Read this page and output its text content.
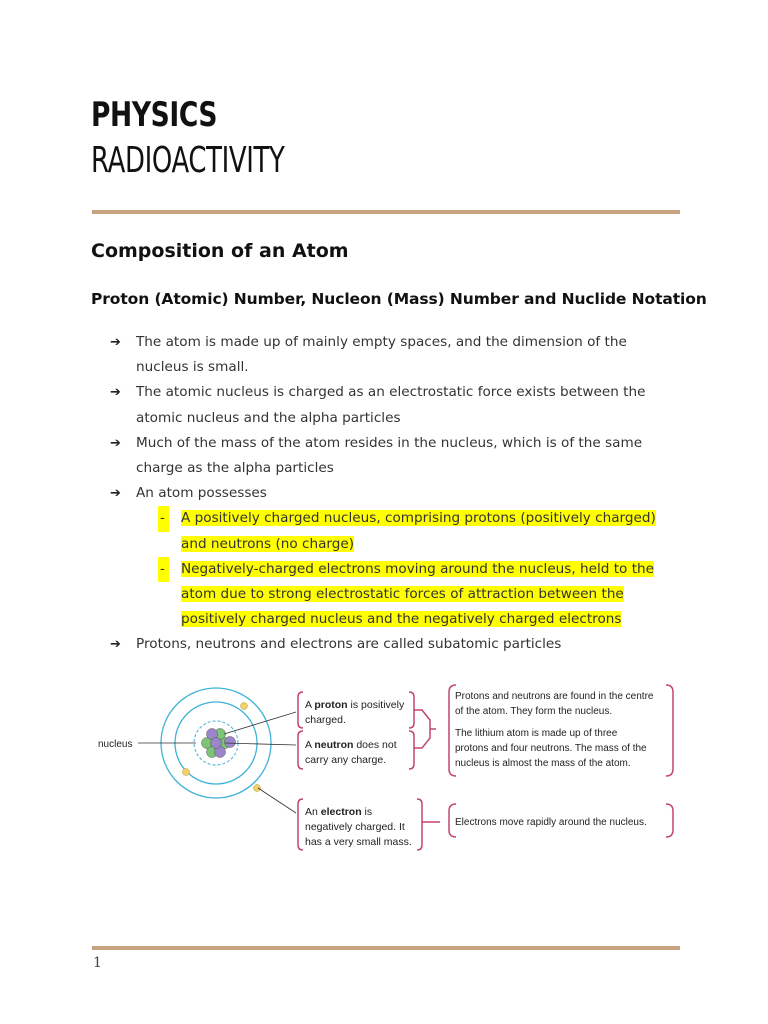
PHYSICS
RADIOACTIVITY
Composition of an Atom
Proton (Atomic) Number, Nucleon (Mass) Number and Nuclide Notation
➔ The atom is made up of mainly empty spaces, and the dimension of the nucleus is small.
➔ The atomic nucleus is charged as an electrostatic force exists between the atomic nucleus and the alpha particles
➔ Much of the mass of the atom resides in the nucleus, which is of the same charge as the alpha particles
➔ An atom possesses
- A positively charged nucleus, comprising protons (positively charged) and neutrons (no charge)
- Negatively-charged electrons moving around the nucleus, held to the atom due to strong electrostatic forces of attraction between the positively charged nucleus and the negatively charged electrons
➔ Protons, neutrons and electrons are called subatomic particles
nucleus
A proton is positively
charged.
A neutron does not
carry any charge.
An electron is
negatively charged. It
has a very small mass.
Protons and neutrons are found in the centre
of the atom. They form the nucleus.
The lithium atom is made up of three
protons and four neutrons. The mass of the
nucleus is almost the mass of the atom.
Electrons move rapidly around the nucleus.
1
